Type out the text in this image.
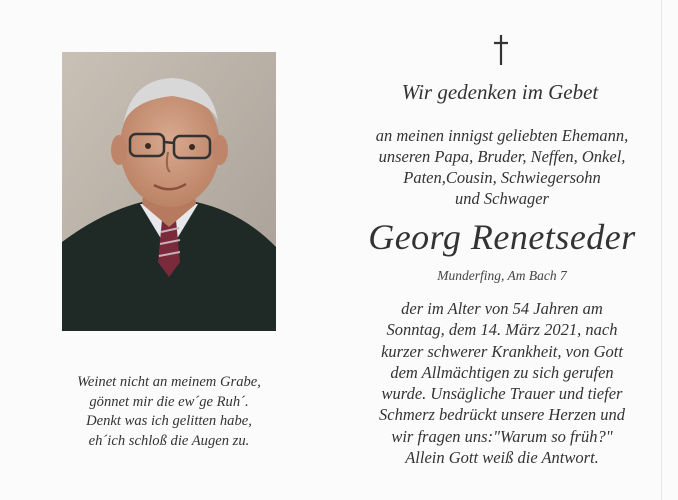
Weinet nicht an meinem Grabe,
gönnet mir die ew´ge Ruh´.
Denkt was ich gelitten habe,
eh´ich schloß die Augen zu.
Wir gedenken im Gebet
an meinen innigst geliebten Ehemann,
unseren Papa, Bruder, Neffen, Onkel,
Paten,Cousin, Schwiegersohn
und Schwager
Georg Renetseder
Munderfing, Am Bach 7
der im Alter von 54 Jahren am
Sonntag, dem 14. März 2021, nach
kurzer schwerer Krankheit, von Gott
dem Allmächtigen zu sich gerufen
wurde. Unsägliche Trauer und tiefer
Schmerz bedrückt unsere Herzen und
wir fragen uns:"Warum so früh?"
Allein Gott weiß die Antwort.
